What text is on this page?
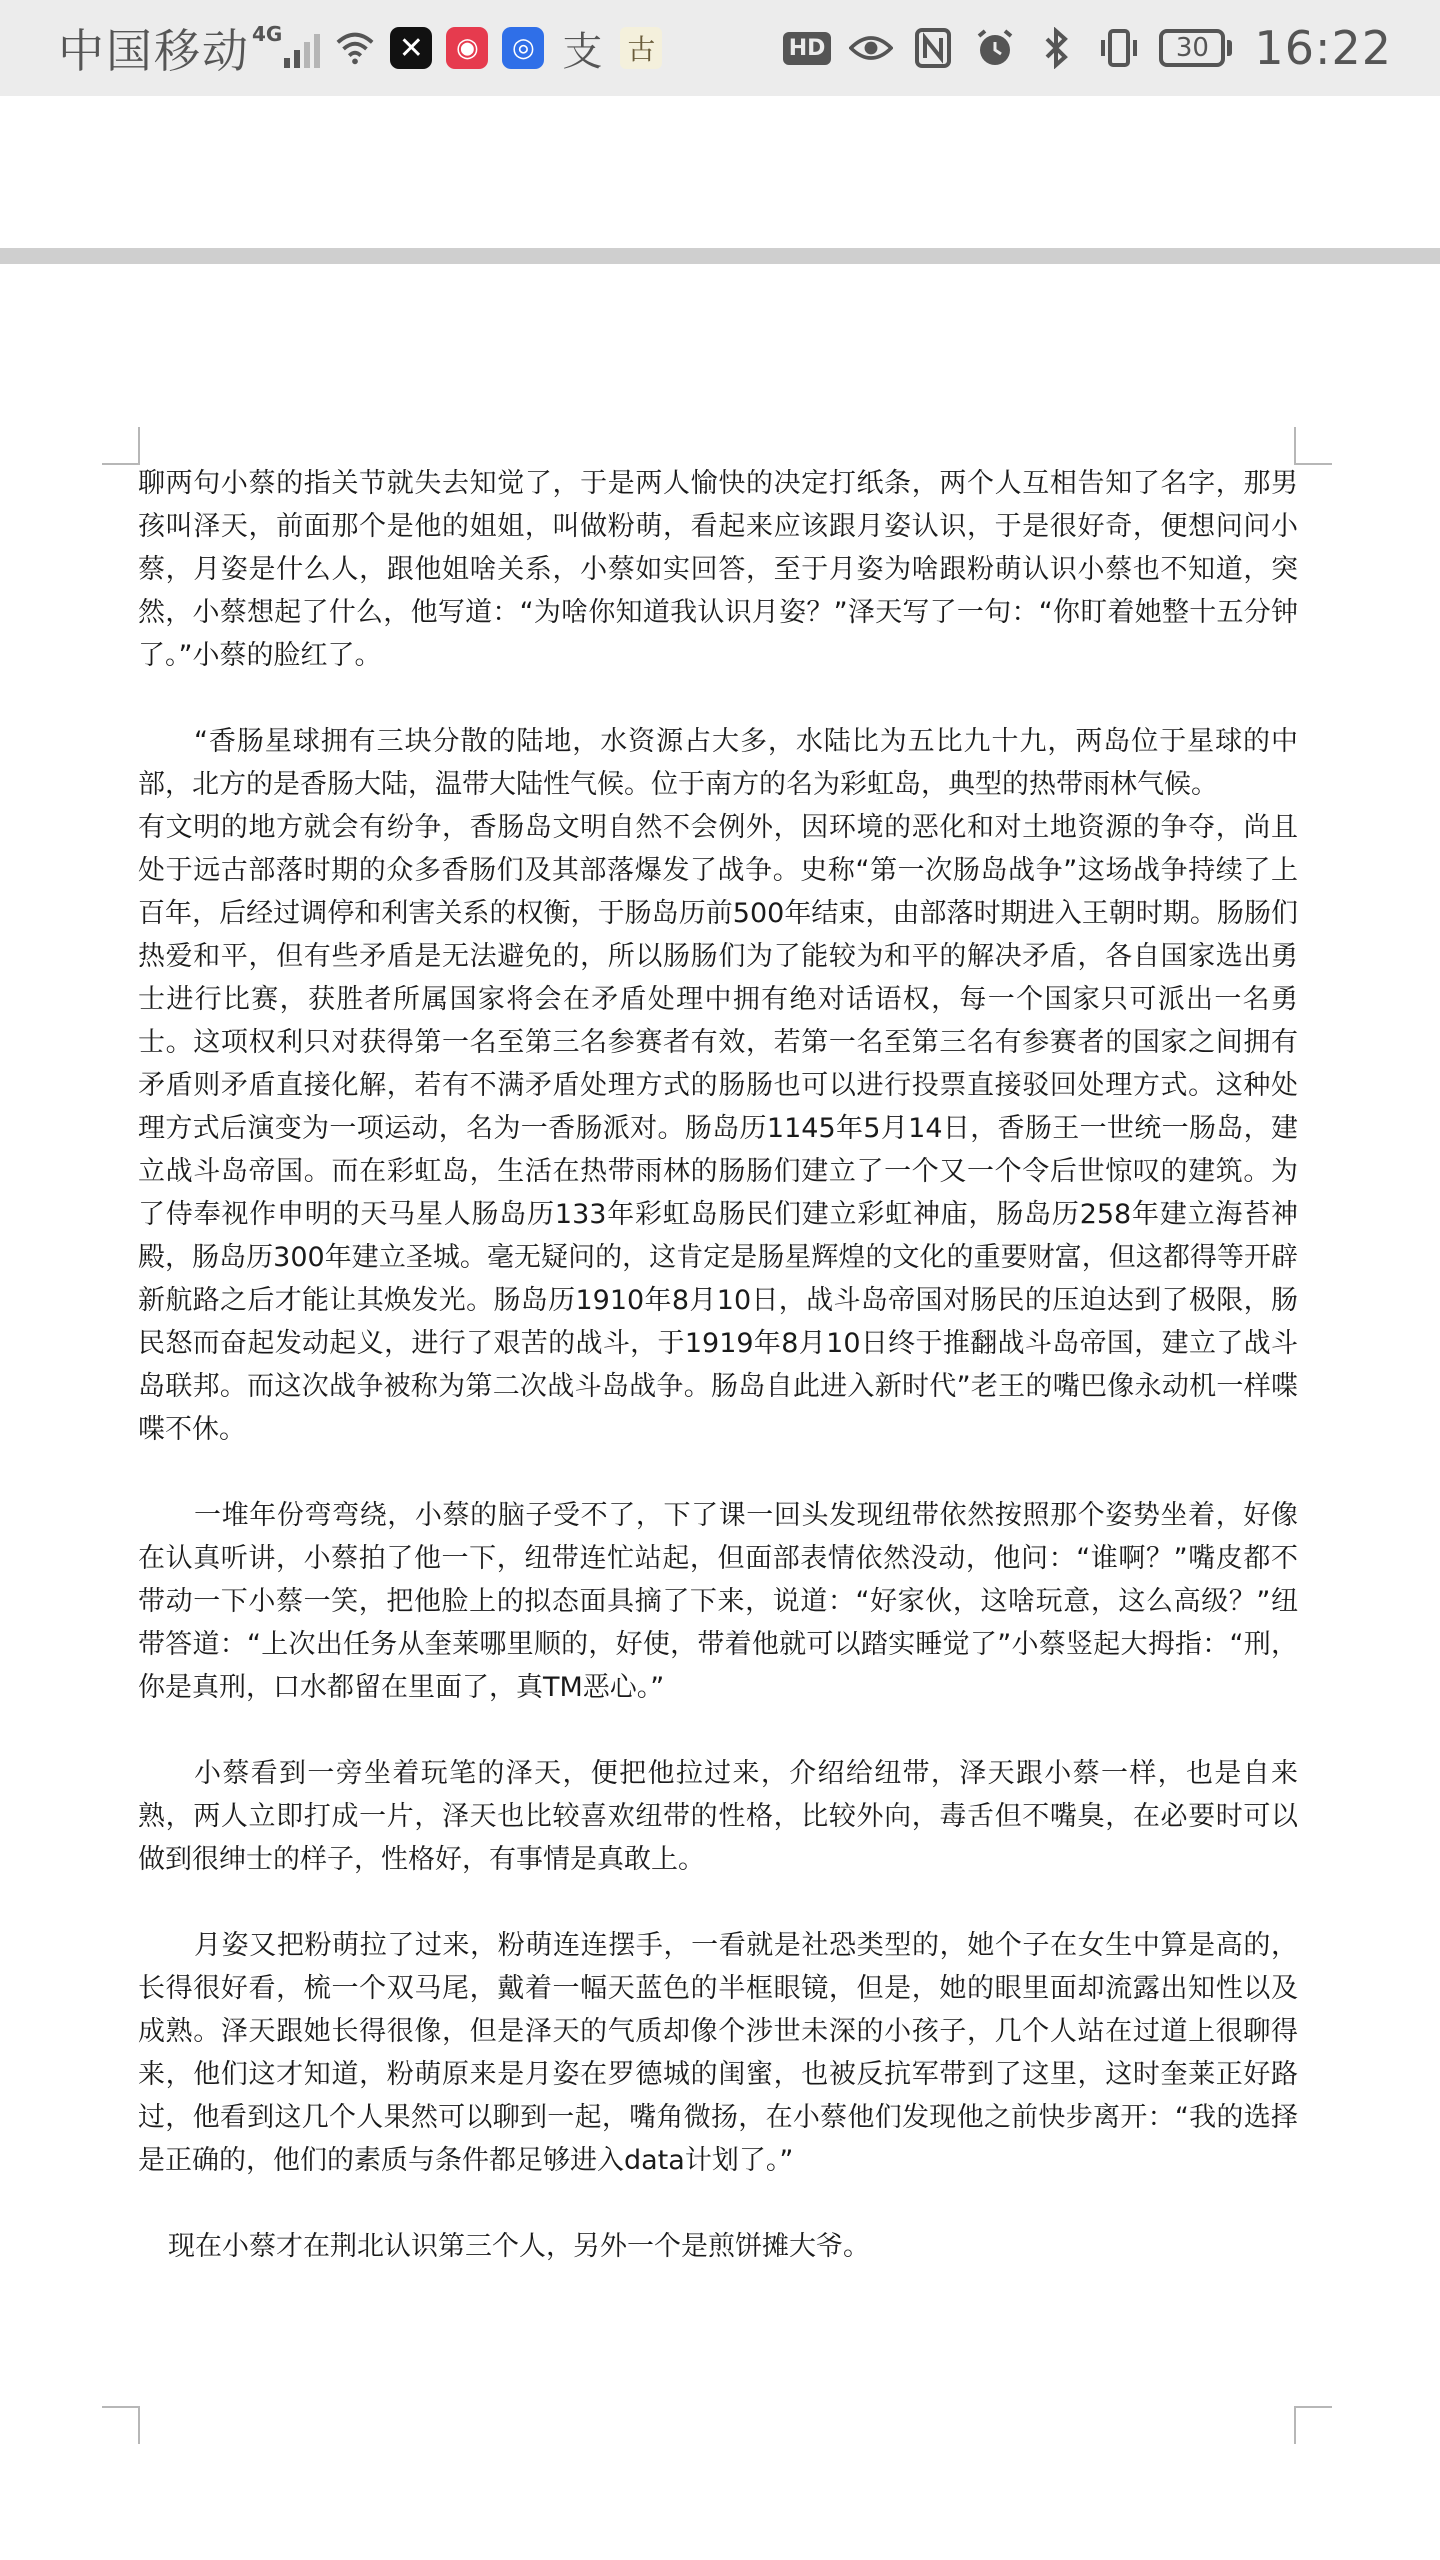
中国移动 4G	✕	◉	◎ 支 古	HD	30 16:22

聊两句小蔡的指关节就失去知觉了，于是两人愉快的决定打纸条，两个人互相告知了名字，那男孩叫泽天，前面那个是他的姐姐，叫做粉萌，看起来应该跟月姿认识，于是很好奇，便想问问小蔡，月姿是什么人，跟他姐啥关系，小蔡如实回答，至于月姿为啥跟粉萌认识小蔡也不知道，突然，小蔡想起了什么，他写道：“为啥你知道我认识月姿？”泽天写了一句：“你盯着她整十五分钟了。”小蔡的脸红了。

“香肠星球拥有三块分散的陆地，水资源占大多，水陆比为五比九十九，两岛位于星球的中部，北方的是香肠大陆，温带大陆性气候。位于南方的名为彩虹岛，典型的热带雨林气候。

有文明的地方就会有纷争，香肠岛文明自然不会例外，因环境的恶化和对土地资源的争夺，尚且处于远古部落时期的众多香肠们及其部落爆发了战争。史称“第一次肠岛战争”这场战争持续了上百年，后经过调停和利害关系的权衡，于肠岛历前500年结束，由部落时期进入王朝时期。肠肠们热爱和平，但有些矛盾是无法避免的，所以肠肠们为了能较为和平的解决矛盾，各自国家选出勇士进行比赛，获胜者所属国家将会在矛盾处理中拥有绝对话语权，每一个国家只可派出一名勇士。这项权利只对获得第一名至第三名参赛者有效，若第一名至第三名有参赛者的国家之间拥有矛盾则矛盾直接化解，若有不满矛盾处理方式的肠肠也可以进行投票直接驳回处理方式。这种处理方式后演变为一项运动，名为一香肠派对。肠岛历1145年5月14日，香肠王一世统一肠岛，建立战斗岛帝国。而在彩虹岛，生活在热带雨林的肠肠们建立了一个又一个令后世惊叹的建筑。为了侍奉视作申明的天马星人肠岛历133年彩虹岛肠民们建立彩虹神庙，肠岛历258年建立海苔神殿，肠岛历300年建立圣城。毫无疑问的，这肯定是肠星辉煌的文化的重要财富，但这都得等开辟新航路之后才能让其焕发光。肠岛历1910年8月10日，战斗岛帝国对肠民的压迫达到了极限，肠民怒而奋起发动起义，进行了艰苦的战斗，于1919年8月10日终于推翻战斗岛帝国，建立了战斗岛联邦。而这次战争被称为第二次战斗岛战争。肠岛自此进入新时代”老王的嘴巴像永动机一样喋喋不休。

一堆年份弯弯绕，小蔡的脑子受不了，下了课一回头发现纽带依然按照那个姿势坐着，好像在认真听讲，小蔡拍了他一下，纽带连忙站起，但面部表情依然没动，他问：“谁啊？”嘴皮都不带动一下小蔡一笑，把他脸上的拟态面具摘了下来，说道：“好家伙，这啥玩意，这么高级？”纽带答道：“上次出任务从奎莱哪里顺的，好使，带着他就可以踏实睡觉了”小蔡竖起大拇指：“刑，你是真刑，口水都留在里面了，真TM恶心。”

小蔡看到一旁坐着玩笔的泽天，便把他拉过来，介绍给纽带，泽天跟小蔡一样，也是自来熟，两人立即打成一片，泽天也比较喜欢纽带的性格，比较外向，毒舌但不嘴臭，在必要时可以做到很绅士的样子，性格好，有事情是真敢上。

月姿又把粉萌拉了过来，粉萌连连摆手，一看就是社恐类型的，她个子在女生中算是高的，长得很好看，梳一个双马尾，戴着一幅天蓝色的半框眼镜，但是，她的眼里面却流露出知性以及成熟。泽天跟她长得很像，但是泽天的气质却像个涉世未深的小孩子，几个人站在过道上很聊得来，他们这才知道，粉萌原来是月姿在罗德城的闺蜜，也被反抗军带到了这里，这时奎莱正好路过，他看到这几个人果然可以聊到一起，嘴角微扬，在小蔡他们发现他之前快步离开：“我的选择是正确的，他们的素质与条件都足够进入data计划了。”

现在小蔡才在荆北认识第三个人，另外一个是煎饼摊大爷。
